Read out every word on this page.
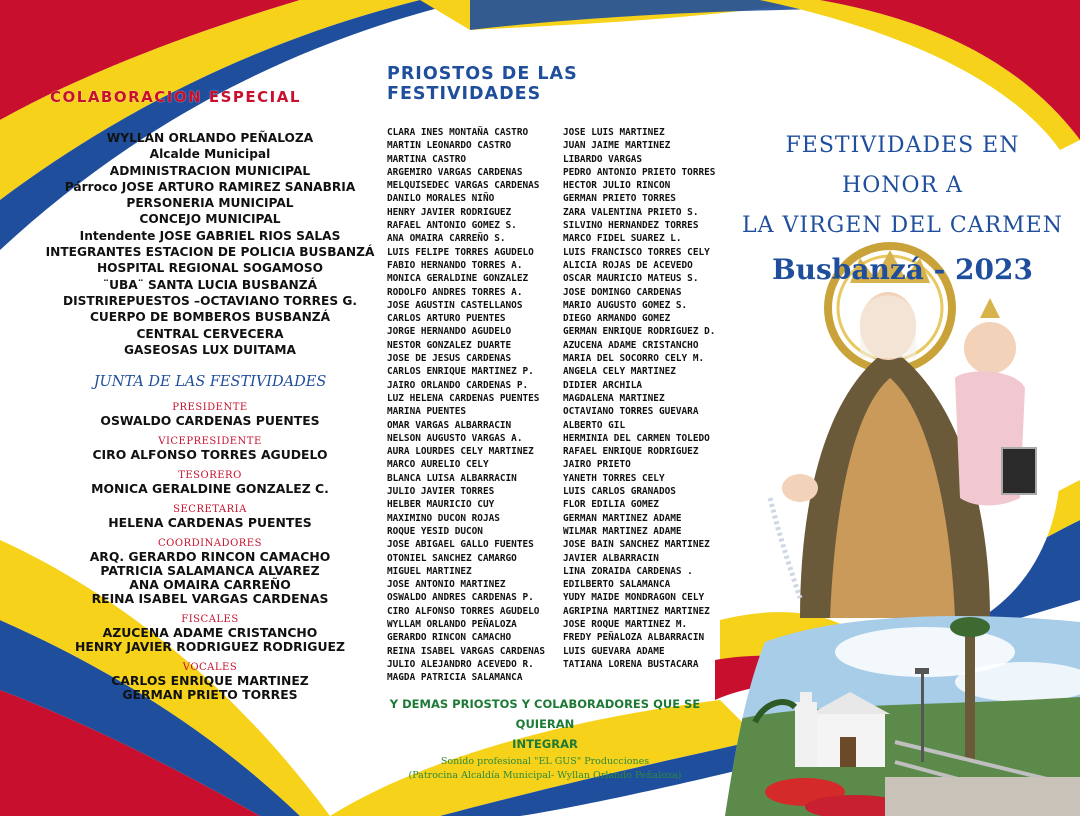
COLABORACION ESPECIAL
WYLLAN ORLANDO PEÑALOZA
Alcalde Municipal
ADMINISTRACION MUNICIPAL
Párroco JOSE ARTURO RAMIREZ SANABRIA
PERSONERIA MUNICIPAL
CONCEJO MUNICIPAL
Intendente JOSE GABRIEL RIOS SALAS
INTEGRANTES ESTACION DE POLICIA BUSBANZÁ
HOSPITAL REGIONAL SOGAMOSO
¨UBA¨ SANTA LUCIA BUSBANZÁ
DISTRIREPUESTOS –OCTAVIANO TORRES G.
CUERPO DE BOMBEROS BUSBANZÁ
CENTRAL CERVECERA
GASEOSAS LUX DUITAMA
JUNTA DE LAS FESTIVIDADES
PRESIDENTE
OSWALDO CARDENAS PUENTES
VICEPRESIDENTE
CIRO ALFONSO TORRES AGUDELO
TESORERO
MONICA GERALDINE GONZALEZ C.
SECRETARIA
HELENA CARDENAS PUENTES
COORDINADORES
ARQ. GERARDO RINCON CAMACHO
PATRICIA SALAMANCA ALVAREZ
ANA OMAIRA CARREÑO
REINA ISABEL VARGAS CARDENAS
FISCALES
AZUCENA ADAME CRISTANCHO
HENRY JAVIER RODRIGUEZ RODRIGUEZ
VOCALES
CARLOS ENRIQUE MARTINEZ
GERMAN PRIETO TORRES
PRIOSTOS DE LAS FESTIVIDADES
CLARA INES MONTAÑA CASTRO
MARTIN LEONARDO CASTRO
MARTINA CASTRO
ARGEMIRO VARGAS CARDENAS
MELQUISEDEC VARGAS CARDENAS
DANILO MORALES NIÑO
HENRY JAVIER RODRIGUEZ
RAFAEL ANTONIO GOMEZ S.
ANA OMAIRA CARREÑO S.
LUIS FELIPE TORRES AGUDELO
FABIO HERNANDO TORRES A.
MONICA GERALDINE GONZALEZ
RODOLFO ANDRES TORRES A.
JOSE AGUSTIN CASTELLANOS
CARLOS ARTURO PUENTES
JORGE HERNANDO AGUDELO
NESTOR GONZALEZ DUARTE
JOSE DE JESUS CARDENAS
CARLOS ENRIQUE MARTINEZ P.
JAIRO ORLANDO CARDENAS P.
LUZ HELENA CARDENAS PUENTES
MARINA PUENTES
OMAR VARGAS ALBARRACIN
NELSON AUGUSTO VARGAS A.
AURA LOURDES CELY MARTINEZ
MARCO AURELIO CELY
BLANCA LUISA ALBARRACIN
JULIO JAVIER TORRES
HELBER MAURICIO CUY
MAXIMINO DUCON ROJAS
ROQUE YESID DUCON
JOSE ABIGAEL GALLO FUENTES
OTONIEL SANCHEZ CAMARGO
MIGUEL MARTINEZ
JOSE ANTONIO MARTINEZ
OSWALDO ANDRES CARDENAS P.
CIRO ALFONSO TORRES AGUDELO
WYLLAM ORLANDO PEÑALOZA
GERARDO RINCON CAMACHO
REINA ISABEL VARGAS CARDENAS
JULIO ALEJANDRO ACEVEDO R.
MAGDA PATRICIA SALAMANCA
JOSE LUIS MARTINEZ
JUAN JAIME MARTINEZ
LIBARDO VARGAS
PEDRO ANTONIO PRIETO TORRES
HECTOR JULIO RINCON
GERMAN PRIETO TORRES
ZARA VALENTINA PRIETO S.
SILVINO HERNANDEZ TORRES
MARCO FIDEL SUAREZ L.
LUIS FRANCISCO TORRES CELY
ALICIA ROJAS DE ACEVEDO
OSCAR MAURICIO MATEUS S.
JOSE DOMINGO CARDENAS
MARIO AUGUSTO GOMEZ S.
DIEGO ARMANDO GOMEZ
GERMAN ENRIQUE RODRIGUEZ D.
AZUCENA ADAME CRISTANCHO
MARIA DEL SOCORRO CELY M.
ANGELA CELY MARTINEZ
DIDIER ARCHILA
MAGDALENA MARTINEZ
OCTAVIANO TORRES GUEVARA
ALBERTO GIL
HERMINIA DEL CARMEN TOLEDO
RAFAEL ENRIQUE RODRIGUEZ
JAIRO PRIETO
YANETH TORRES CELY
LUIS CARLOS GRANADOS
FLOR EDILIA GOMEZ
GERMAN MARTINEZ ADAME
WILMAR MARTINEZ ADAME
JOSE BAIN SANCHEZ MARTINEZ
JAVIER ALBARRACIN
LINA ZORAIDA CARDENAS .
EDILBERTO SALAMANCA
YUDY MAIDE MONDRAGON CELY
AGRIPINA MARTINEZ MARTINEZ
JOSE ROQUE MARTINEZ M.
FREDY PEÑALOZA ALBARRACIN
LUIS GUEVARA ADAME
TATIANA LORENA BUSTACARA
Y DEMAS PRIOSTOS Y COLABORADORES QUE SE QUIERAN
INTEGRAR
Sonido profesional "EL GUS" Producciones
(Patrocina Alcaldía Municipal- Wyllan Orlando Peñaloza)
FESTIVIDADES EN HONOR A
LA VIRGEN DEL CARMEN
Busbanzá - 2023
